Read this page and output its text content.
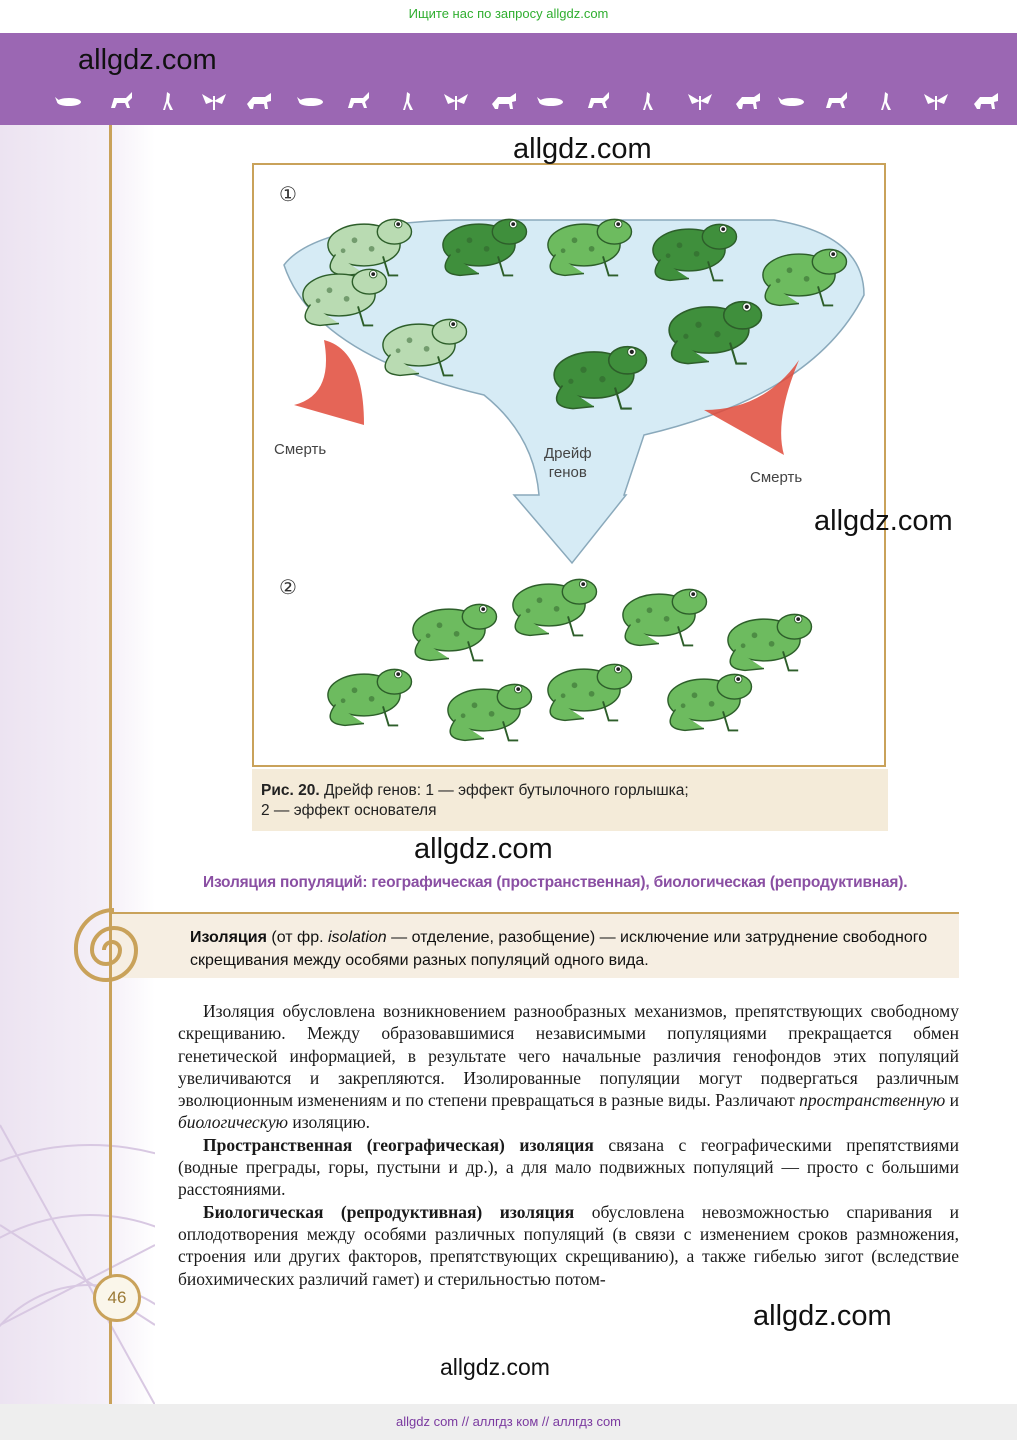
Ищите нас по запросу allgdz.com
allgdz.com
①
②
Смерть	Дрейф
генов	Смерть
allgdz.com
allgdz.com
Рис. 20. Дрейф генов: 1 — эффект бутылочного горлышка;
2 — эффект основателя
allgdz.com
Изоляция популяций: географическая (пространственная), биологическая (репродуктивная).
Изоляция (от фр. isolation — отделение, разобщение) — исключение или затруднение свободного скрещивания между особями разных популяций одного вида.

Изоляция обусловлена возникновением разнообразных механизмов, препятствующих свободному скрещиванию. Между образовавшимися независимыми популяциями прекращается обмен генетической информацией, в результате чего начальные различия генофондов этих популяций увеличиваются и закрепляются. Изолированные популяции могут подвергаться различным эволюционным изменениям и по степени превращаться в разные виды. Различают пространственную и биологическую изоляцию.

Пространственная (географическая) изоляция связана с географическими препятствиями (водные преграды, горы, пустыни и др.), а для мало подвижных популяций — просто с большими расстояниями.

Биологическая (репродуктивная) изоляция обусловлена невозможностью спаривания и оплодотворения между особями различных популяций (в связи с изменением сроков размножения, строения или других факторов, препятствующих скрещиванию), а также гибелью зигот (вследствие биохимических различий гамет) и стерильностью потом-

46
allgdz.com
allgdz.com
allgdz com // аллгдз ком // аллгдз com
